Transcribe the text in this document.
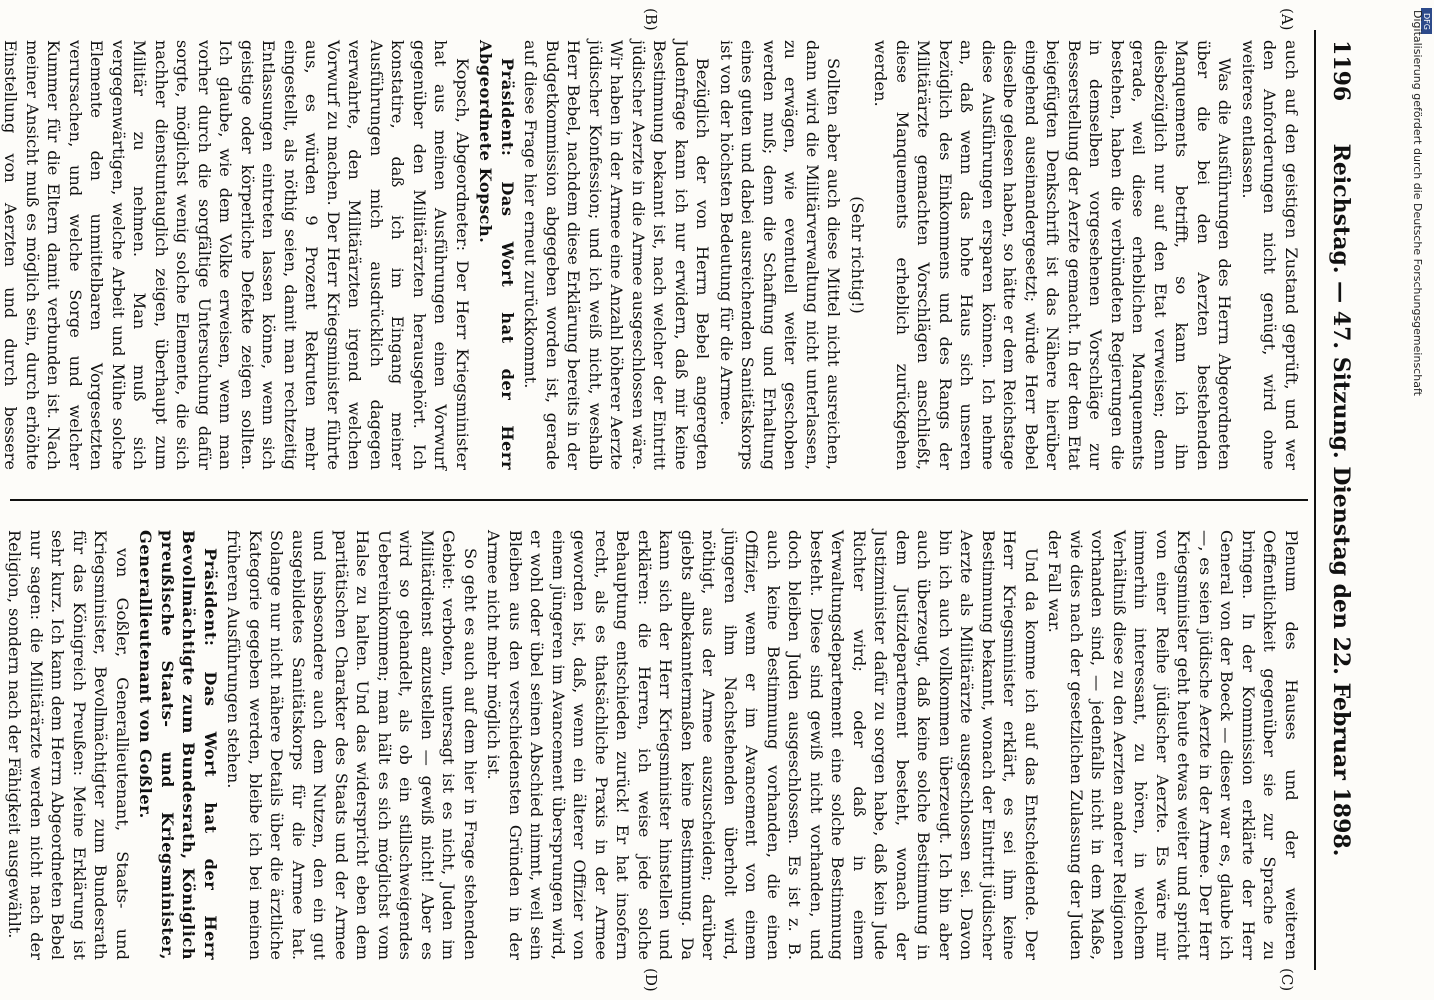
1196
Reichstag. — 47. Sitzung. Dienstag den 22. Februar 1898.
(A)
(B)
(C)
(D)

auch auf den geistigen Zustand geprüft, und wer den Anforderungen nicht genügt, wird ohne weiteres entlassen.

Was die Ausführungen des Herrn Abgeordneten über die bei den Aerzten bestehenden Manquements betrifft, so kann ich ihn diesbezüglich nur auf den Etat verweisen; denn gerade, weil diese erheblichen Manquements bestehen, haben die verbündeten Regierungen die in demselben vorgesehenen Vorschläge zur Besserstellung der Aerzte gemacht. In der dem Etat beigefügten Denkschrift ist das Nähere hierüber eingehend auseinandergesetzt; würde Herr Bebel dieselbe gelesen haben, so hätte er dem Reichstage diese Ausführungen ersparen können. Ich nehme an, daß wenn das hohe Haus sich unseren bezüglich des Einkommens und des Rangs der Militärärzte gemachten Vorschlägen anschließt, diese Manquements erheblich zurückgehen werden.

(Sehr richtig!)

Sollten aber auch diese Mittel nicht ausreichen, dann wird die Militärverwaltung nicht unterlassen, zu erwägen, wie eventuell weiter geschoben werden muß; denn die Schaffung und Erhaltung eines guten und dabei ausreichenden Sanitätskorps ist von der höchsten Bedeutung für die Armee.

Bezüglich der von Herrn Bebel angeregten Judenfrage kann ich nur erwidern, daß mir keine Bestimmung bekannt ist, nach welcher der Eintritt jüdischer Aerzte in die Armee ausgeschlossen wäre. Wir haben in der Armee eine Anzahl höherer Aerzte jüdischer Konfession; und ich weiß nicht, weshalb Herr Bebel, nachdem diese Erklärung bereits in der Budgetkommission abgegeben worden ist, gerade auf diese Frage hier erneut zurückkommt.

Präsident: Das Wort hat der Herr Abgeordnete Kopsch.

Kopsch, Abgeordneter: Der Herr Kriegsminister hat aus meinen Ausführungen einen Vorwurf gegenüber den Militärärzten herausgehört. Ich konstatire, daß ich im Eingang meiner Ausführungen mich ausdrücklich dagegen verwahrte, den Militärärzten irgend welchen Vorwurf zu machen. Der Herr Kriegsminister führte aus, es würden 9 Prozent Rekruten mehr eingestellt, als nöthig seien, damit man rechtzeitig Entlassungen eintreten lassen könne, wenn sich geistige oder körperliche Defekte zeigen sollten. Ich glaube, wie dem Volke erweisen, wenn man vorher durch die sorgfältige Untersuchung dafür sorgte, möglichst wenig solche Elemente, die sich nachher dienstuntauglich zeigen, überhaupt zum Militär zu nehmen. Man muß sich vergegenwärtigen, welche Arbeit und Mühe solche Elemente den unmittelbaren Vorgesetzten verursachen, und welche Sorge und welcher Kummer für die Eltern damit verbunden ist. Nach meiner Ansicht muß es möglich sein, durch erhöhte Einstellung von Aerzten und durch bessere

Plenum des Hauses und der weiteren Oeffentlichkeit gegenüber sie zur Sprache zu bringen. In der Kommission erklärte der Herr General von der Boeck — dieser war es, glaube ich —, es seien jüdische Aerzte in der Armee. Der Herr Kriegsminister geht heute etwas weiter und spricht von einer Reihe jüdischer Aerzte. Es wäre mir immerhin interessant, zu hören, in welchem Verhältniß diese zu den Aerzten anderer Religionen vorhanden sind, — jedenfalls nicht in dem Maße, wie dies nach der gesetzlichen Zulassung der Juden der Fall war.

Und da komme ich auf das Entscheidende. Der Herr Kriegsminister erklärt, es sei ihm keine Bestimmung bekannt, wonach der Eintritt jüdischer Aerzte als Militärärzte ausgeschlossen sei. Davon bin ich auch vollkommen überzeugt. Ich bin aber auch überzeugt, daß keine solche Bestimmung in dem Justizdepartement besteht, wonach der Justizminister dafür zu sorgen habe, daß kein Jude Richter wird; oder daß in einem Verwaltungsdepartement eine solche Bestimmung besteht. Diese sind gewiß nicht vorhanden, und doch bleiben Juden ausgeschlossen. Es ist z. B. auch keine Bestimmung vorhanden, die einen Offizier, wenn er im Avancement von einem jüngeren ihm Nachstehenden überholt wird, nöthigt, aus der Armee auszuscheiden; darüber giebts allbekanntermaßen keine Bestimmung. Da kann sich der Herr Kriegsminister hinstellen und erklären: die Herren, ich weise jede solche Behauptung entschieden zurück! Er hat insofern recht, als es thatsächliche Praxis in der Armee geworden ist, daß, wenn ein älterer Offizier von einem jüngeren im Avancement übersprungen wird, er wohl oder übel seinen Abschied nimmt, weil sein Bleiben aus den verschiedensten Gründen in der Armee nicht mehr möglich ist.

So geht es auch auf dem hier in Frage stehenden Gebiet: verboten, untersagt ist es nicht, Juden im Militärdienst anzustellen — gewiß nicht! Aber es wird so gehandelt, als ob ein stillschweigendes Uebereinkommen; man hält es sich möglichst vom Halse zu halten. Und das widerspricht eben dem paritätischen Charakter des Staats und der Armee und insbesondere auch dem Nutzen, den ein gut ausgebildetes Sanitätskorps für die Armee hat. Solange nur nicht nähere Details über die ärztliche Kategorie gegeben werden, bleibe ich bei meinen früheren Ausführungen stehen.

Präsident: Das Wort hat der Herr Bevollmächtigte zum Bundesrath, Königlich preußische Staats- und Kriegsminister, Generallieutenant von Goßler.

von Goßler, Generallieutenant, Staats- und Kriegsminister, Bevollmächtigter zum Bundesrath für das Königreich Preußen: Meine Erklärung ist sehr kurz. Ich kann dem Herrn Abgeordneten Bebel nur sagen: die Militärärzte werden nicht nach der Religion, sondern nach der Fähigkeit ausgewählt.

DFG
Digitalisierung gefördert durch die Deutsche Forschungsgemeinschaft
